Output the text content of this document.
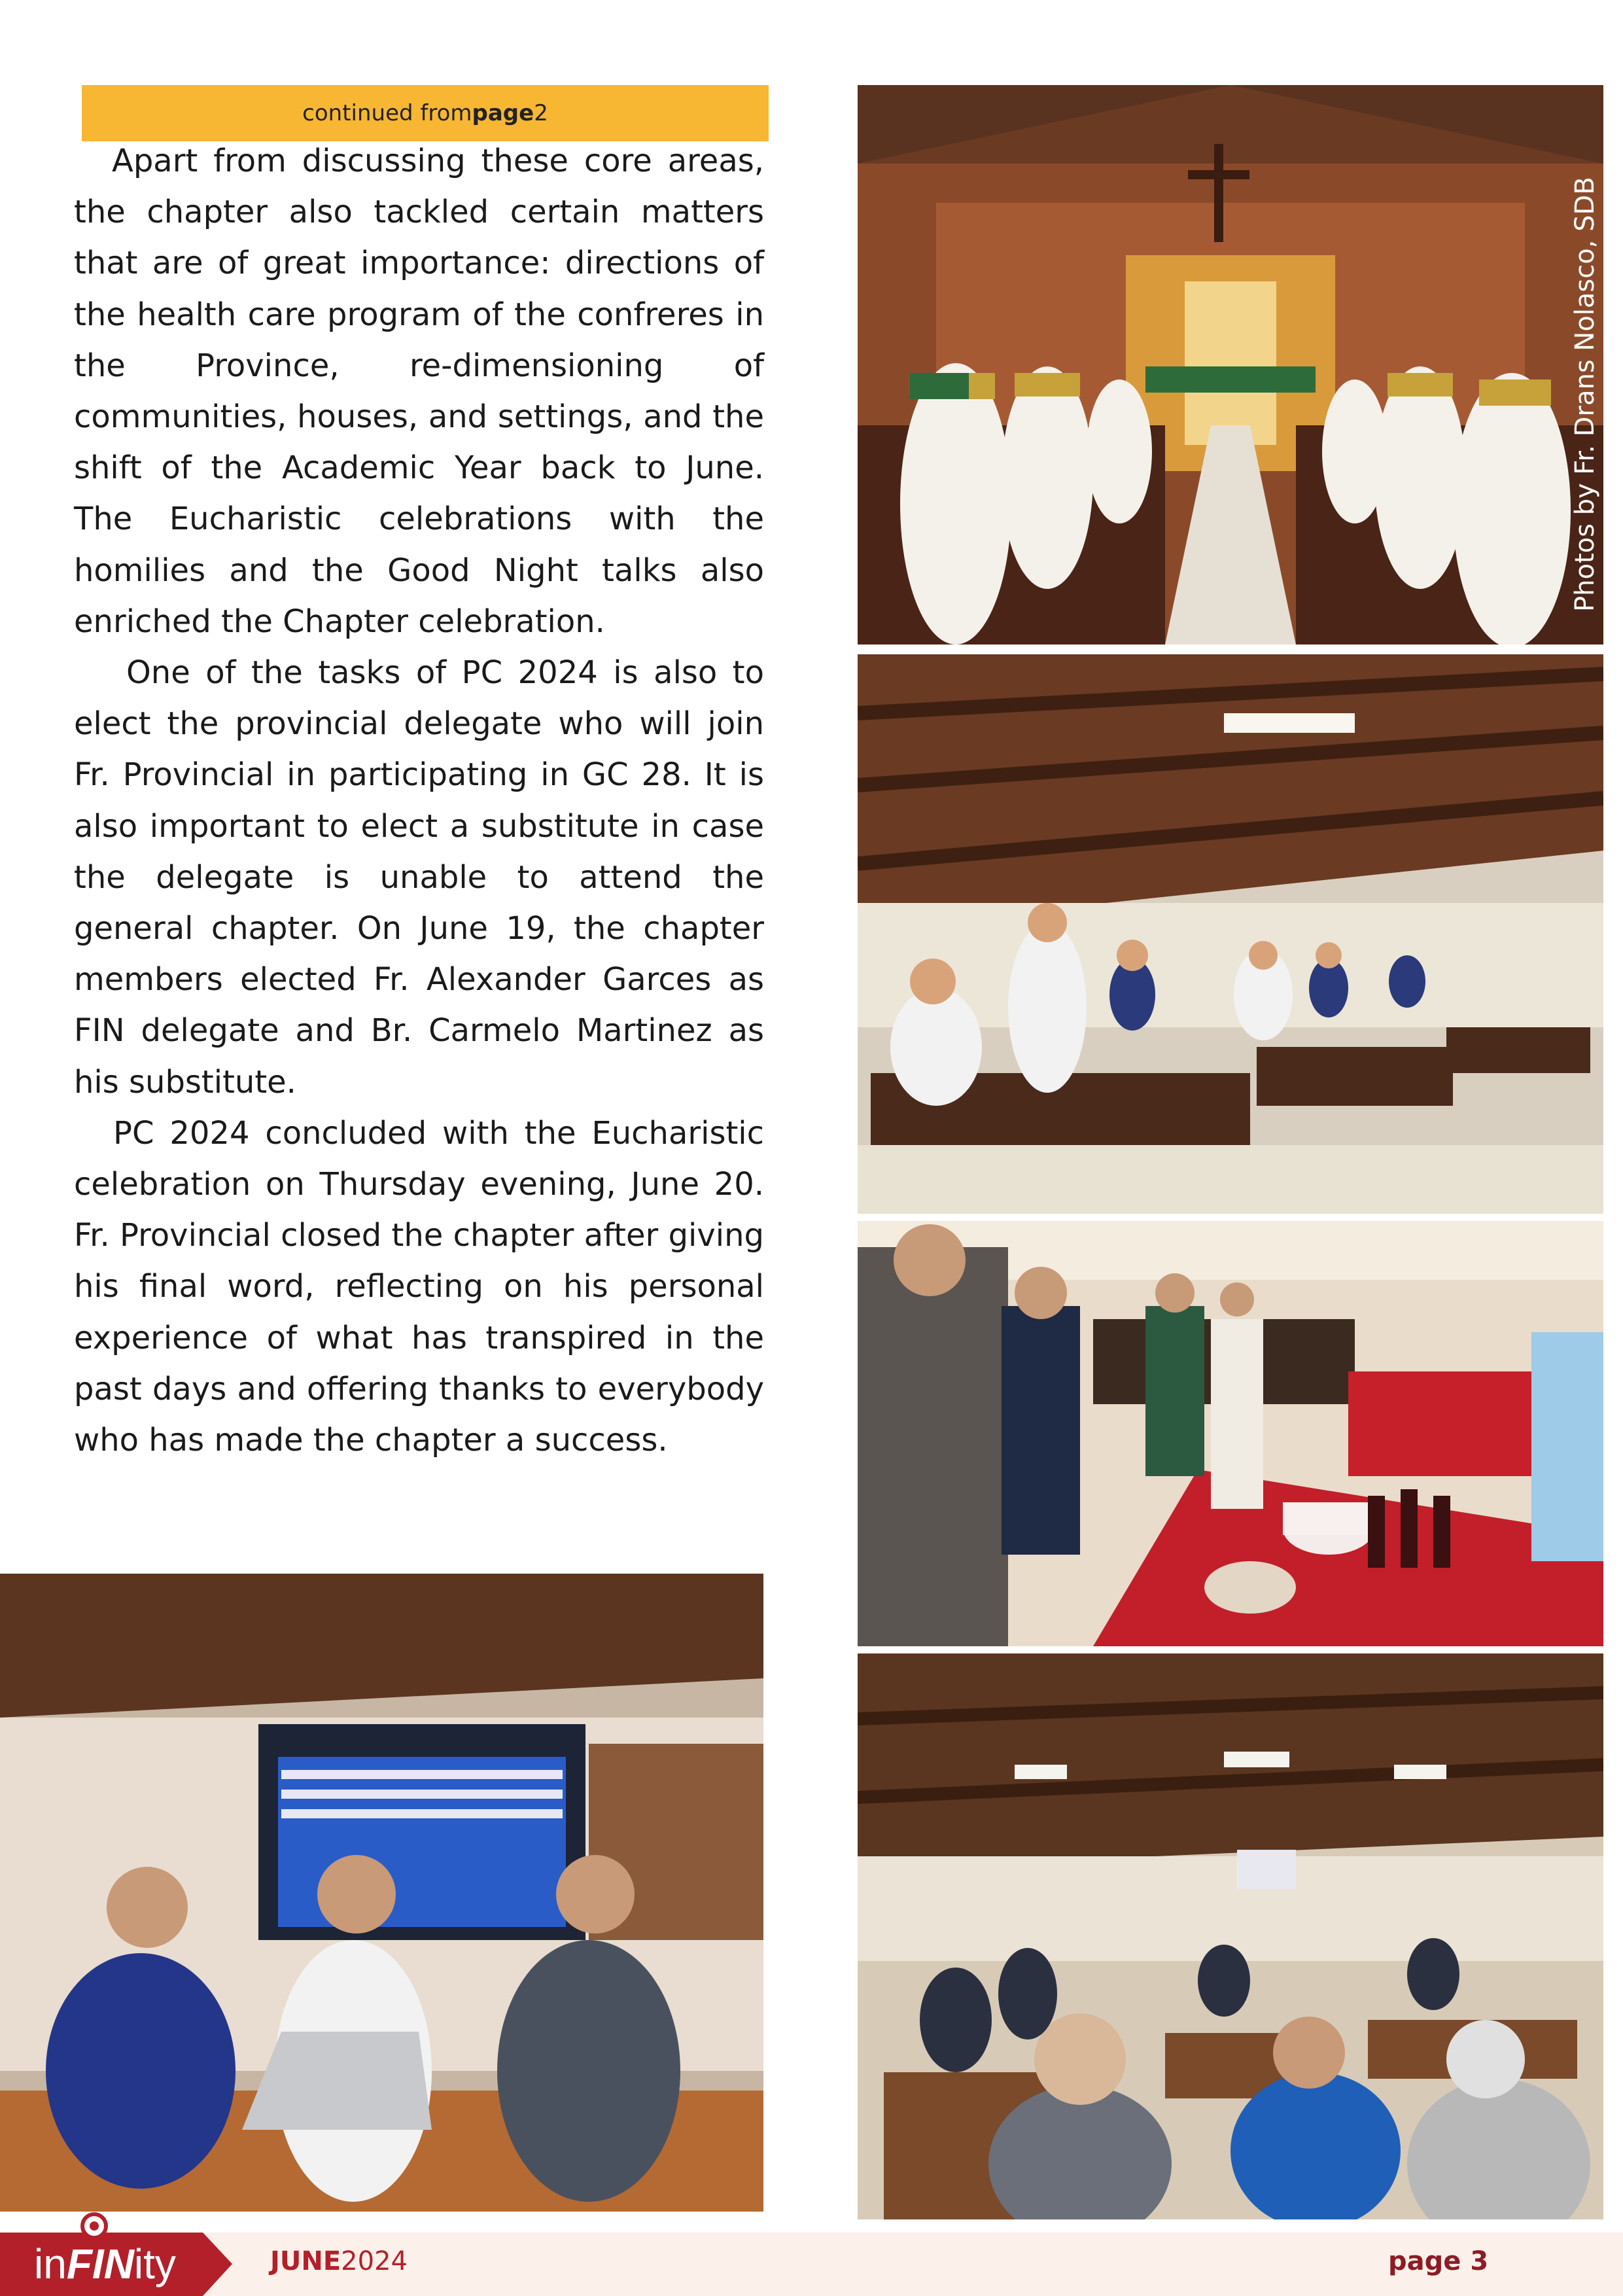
continued from page 2

Apart from discussing these core areas, the chapter also tackled certain matters that are of great importance: directions of the health care program of the confreres in the Province, re-dimensioning of communities, houses, and settings, and the shift of the Academic Year back to June. The Eucharistic celebrations with the homilies and the Good Night talks also enriched the Chapter celebration.

One of the tasks of PC 2024 is also to elect the provincial delegate who will join Fr. Provincial in participating in GC 28. It is also important to elect a substitute in case the delegate is unable to attend the general chapter. On June 19, the chapter members elected Fr. Alexander Garces as FIN delegate and Br. Carmelo Martinez as his substitute.

PC 2024 concluded with the Eucharistic celebration on Thursday evening, June 20. Fr. Provincial closed the chapter after giving his final word, reflecting on his personal experience of what has transpired in the past days and offering thanks to everybody who has made the chapter a success.

Photos by Fr. Drans Nolasco, SDB
inFINity	JUNE2024	page 3
